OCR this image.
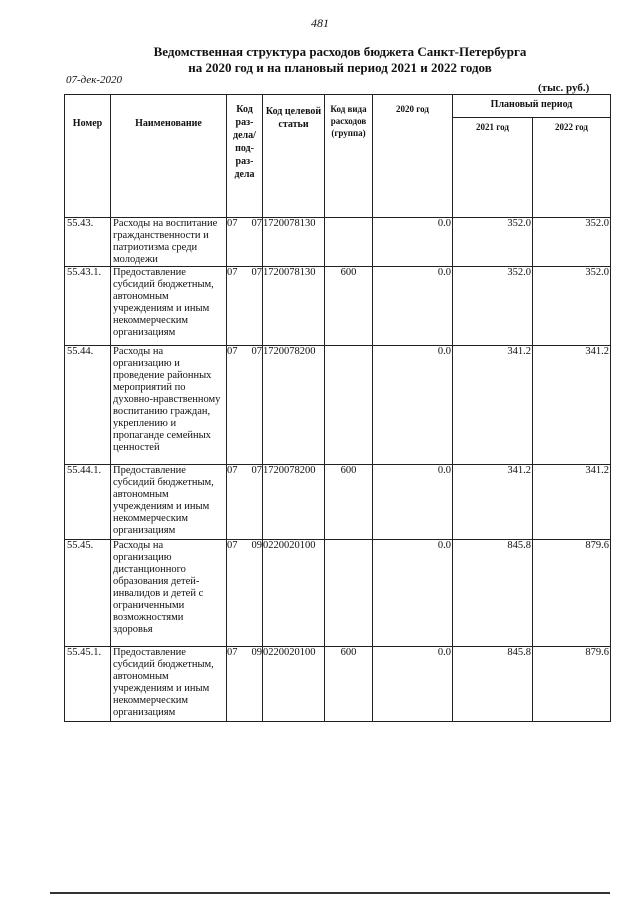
481
Ведомственная структура расходов бюджета Санкт-Петербурга
на 2020 год и на плановый период 2021 и 2022 годов
07-дек-2020
(тыс. руб.)
Номер	Наименование	Код раз-дела/ под-раз-дела	Код целевой статьи	Код вида расходов (группа)	2020 год	Плановый период	

						2021 год	2022 год

55.43.	Расходы на воспитание гражданственности и патриотизма среди молодежи	07 07	1720078130		0.0	352.0	352.0
55.43.1.	Предоставление субсидий бюджетным, автономным учреждениям и иным некоммерческим организациям	07 07	1720078130	600	0.0	352.0	352.0
55.44.	Расходы на организацию и проведение районных мероприятий по духовно-нравственному воспитанию граждан, укреплению и пропаганде семейных ценностей	07 07	1720078200		0.0	341.2	341.2
55.44.1.	Предоставление субсидий бюджетным, автономным учреждениям и иным некоммерческим организациям	07 07	1720078200	600	0.0	341.2	341.2
55.45.	Расходы на организацию дистанционного образования детей-инвалидов и детей с ограниченными возможностями здоровья	07 09	0220020100		0.0	845.8	879.6
55.45.1.	Предоставление субсидий бюджетным, автономным учреждениям и иным некоммерческим организациям	07 09	0220020100	600	0.0	845.8	879.6
